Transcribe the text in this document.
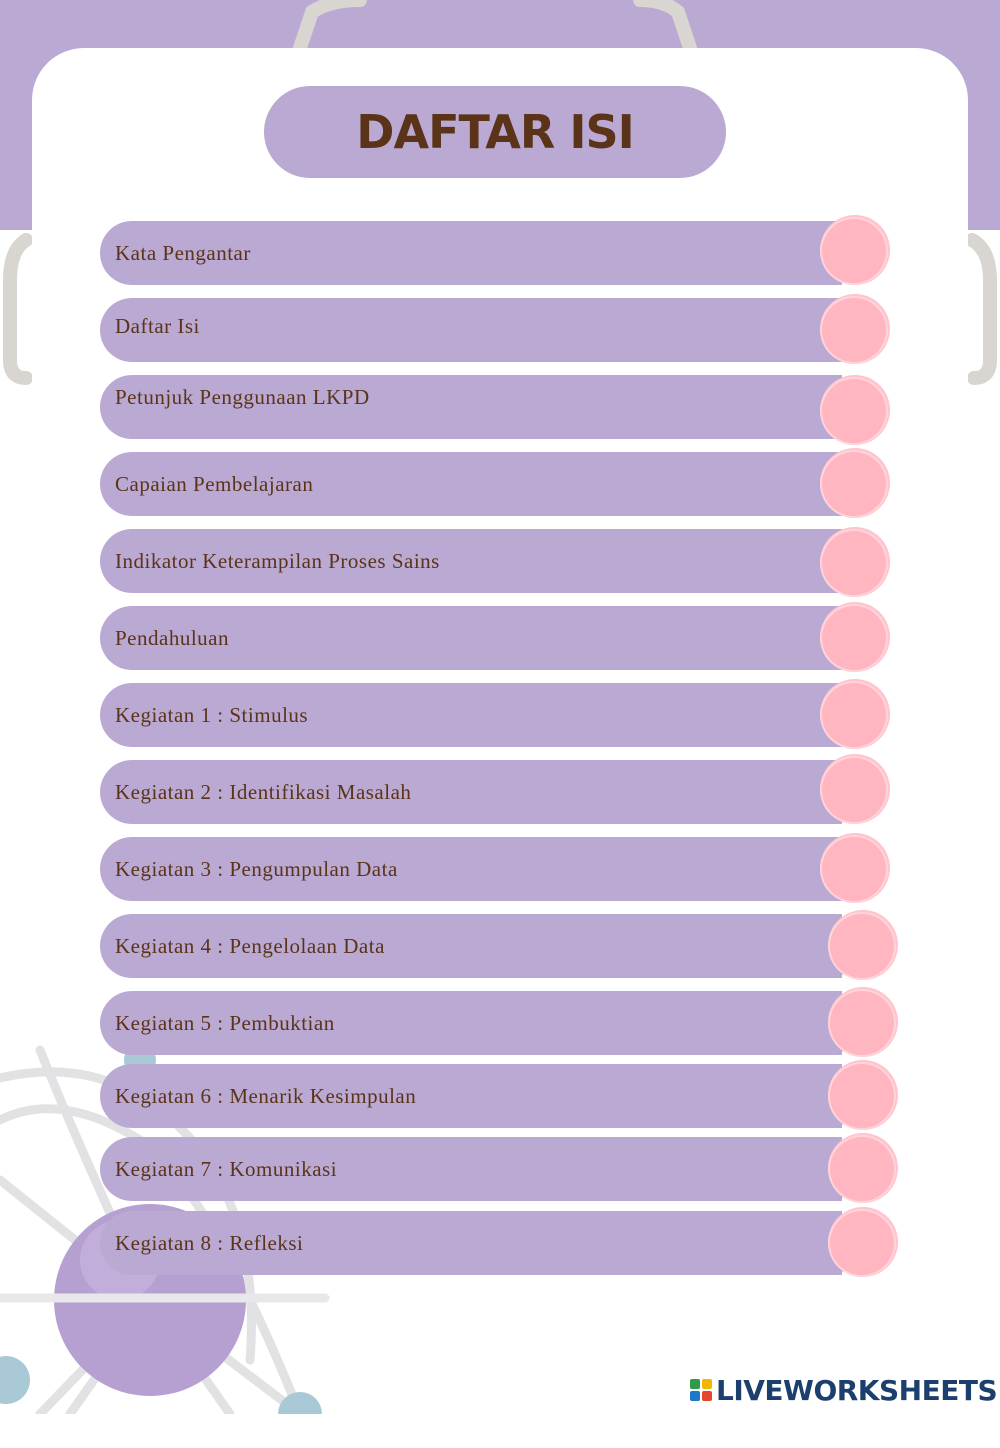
DAFTAR ISI
Kata Pengantar
Daftar Isi
Petunjuk Penggunaan LKPD
Capaian Pembelajaran
Indikator Keterampilan Proses Sains
Pendahuluan
Kegiatan 1 : Stimulus
Kegiatan 2 : Identifikasi Masalah
Kegiatan 3 : Pengumpulan Data
Kegiatan 4 : Pengelolaan Data
Kegiatan 5 : Pembuktian
Kegiatan 6 : Menarik Kesimpulan
Kegiatan 7 : Komunikasi
Kegiatan 8 : Refleksi
LIVEWORKSHEETS
